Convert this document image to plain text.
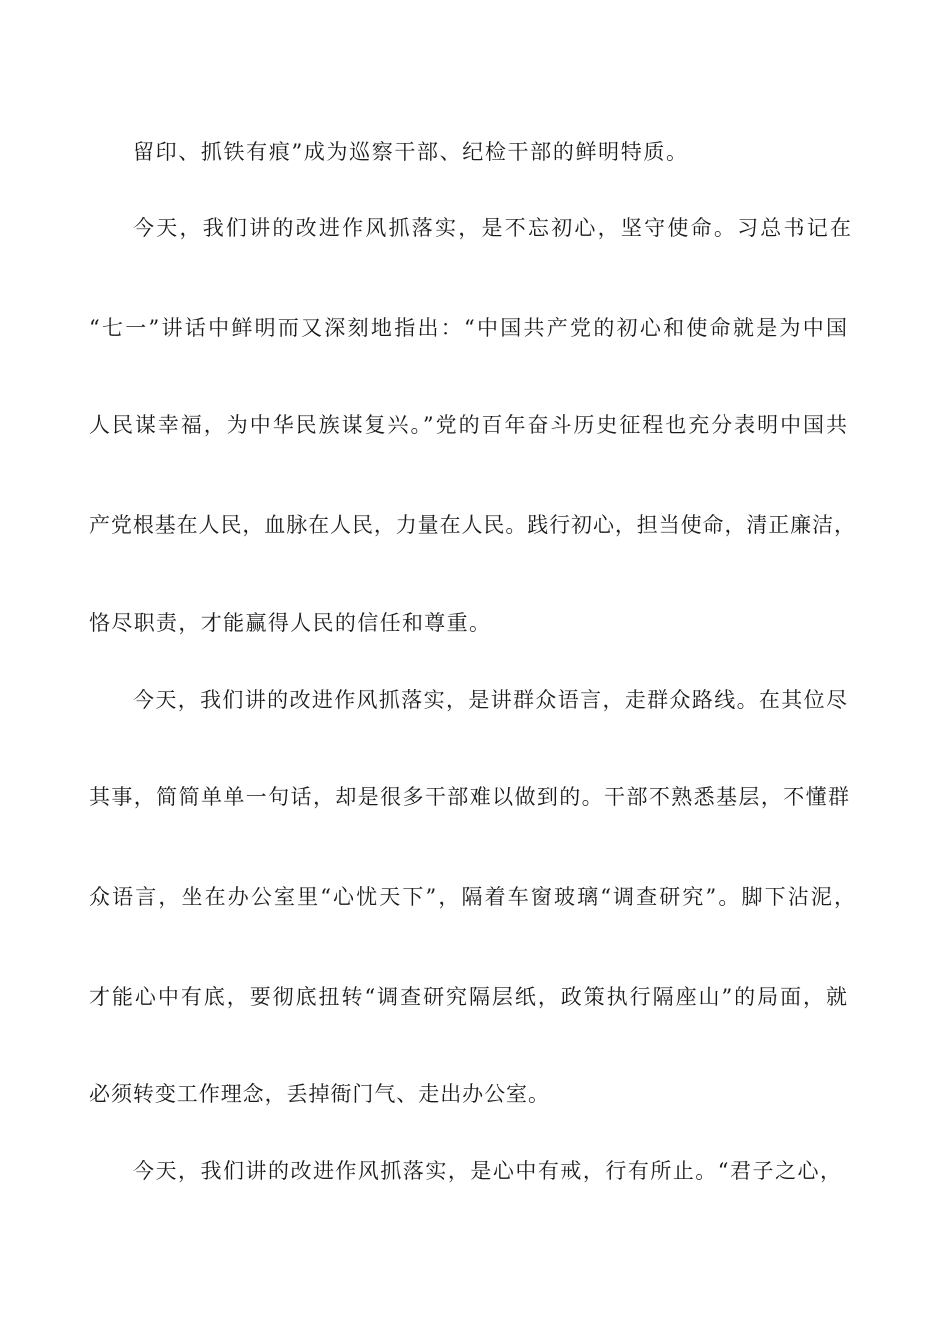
留印、抓铁有痕”成为巡察干部、纪检干部的鲜明特质。
今天，我们讲的改进作风抓落实，是不忘初心，坚守使命。习总书记在
“七一”讲话中鲜明而又深刻地指出：“中国共产党的初心和使命就是为中国
人民谋幸福，为中华民族谋复兴。”党的百年奋斗历史征程也充分表明中国共
产党根基在人民，血脉在人民，力量在人民。践行初心，担当使命，清正廉洁，
恪尽职责，才能赢得人民的信任和尊重。
今天，我们讲的改进作风抓落实，是讲群众语言，走群众路线。在其位尽
其事，简简单单一句话，却是很多干部难以做到的。干部不熟悉基层，不懂群
众语言，坐在办公室里“心忧天下”，隔着车窗玻璃“调查研究”。脚下沾泥，
才能心中有底，要彻底扭转“调查研究隔层纸，政策执行隔座山”的局面，就
必须转变工作理念，丢掉衙门气、走出办公室。
今天，我们讲的改进作风抓落实，是心中有戒，行有所止。“君子之心，
